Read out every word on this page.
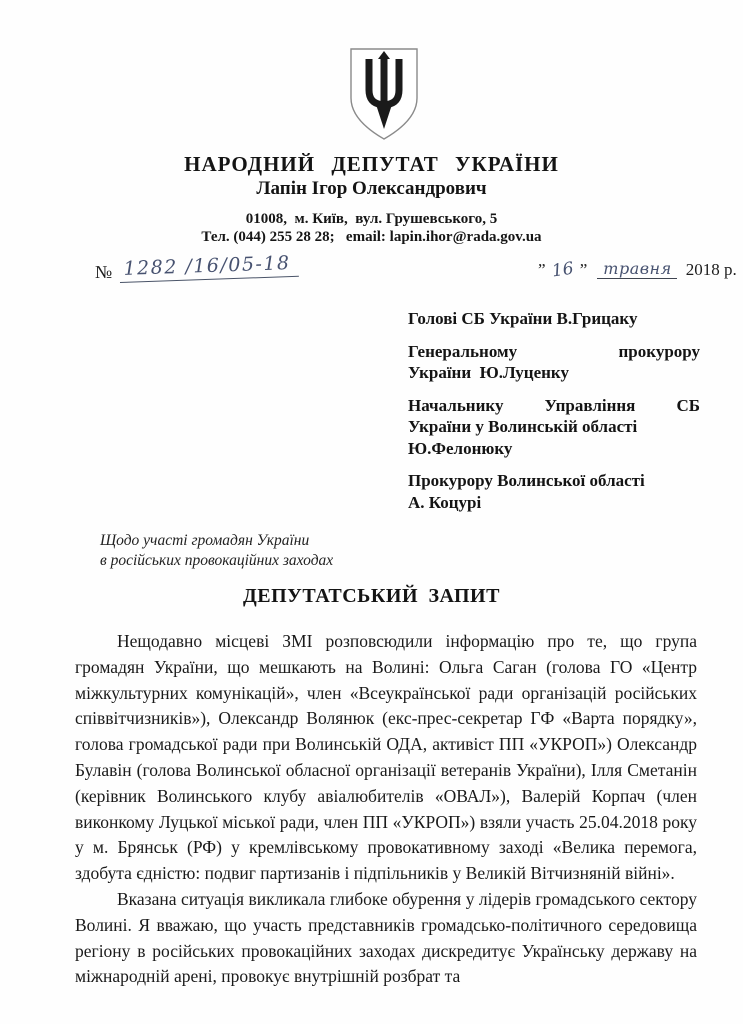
НАРОДНИЙ ДЕПУТАТ УКРАЇНИ
Лапін Ігор Олександрович
01008,  м. Київ,  вул. Грушевського, 5
Тел. (044) 255 28 28;   email: lapin.ihor@rada.gov.ua
№ 1282 /16/05-18	” 16 ” травня 2018 р.
Голові СБ України В.Грицаку
Генеральному прокурору
України  Ю.Луценку
Начальнику Управління СБ
України у Волинській області
Ю.Фелонюку
Прокурору Волинської області
А. Коцурі
Щодо участі громадян України
в російських провокаційних заходах
ДЕПУТАТСЬКИЙ ЗАПИТ

Нещодавно місцеві ЗМІ розповсюдили інформацію про те, що група громадян України, що мешкають на Волині: Ольга Саган (голова ГО «Центр міжкультурних комунікацій», член «Всеукраїнської ради організацій російських співвітчизників»), Олександр Волянюк (екс-прес-секретар ГФ «Варта порядку», голова громадської ради при Волинській ОДА, активіст ПП «УКРОП») Олександр Булавін (голова Волинської обласної організації ветеранів України), Ілля Сметанін (керівник Волинського клубу авіалюбителів «ОВАЛ»), Валерій Корпач (член виконкому Луцької міської ради, член ПП «УКРОП») взяли участь 25.04.2018 року у м. Брянськ (РФ) у кремлівському провокативному заході «Велика перемога, здобута єдністю: подвиг партизанів і підпільників у Великій Вітчизняній війні».

Вказана ситуація викликала глибоке обурення у лідерів громадського сектору Волині. Я вважаю, що участь представників громадсько-політичного середовища регіону в російських провокаційних заходах дискредитує Українську державу на міжнародній арені, провокує внутрішній розбрат та
